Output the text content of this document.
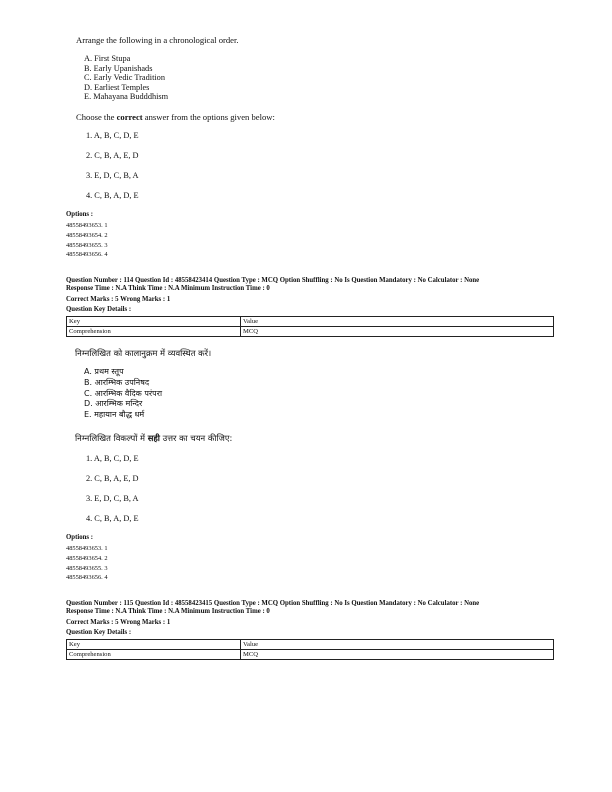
Arrange the following in a chronological order.
A. First Stupa
B. Early Upanishads
C. Early Vedic Tradition
D. Earliest Temples
E. Mahayana Budddhism
Choose the correct answer from the options given below:
1. A, B, C, D, E
2. C, B, A, E, D
3. E, D, C, B, A
4. C, B, A, D, E
Options :
48558493653. 1
48558493654. 2
48558493655. 3
48558493656. 4
Question Number : 114 Question Id : 48558423414 Question Type : MCQ Option Shuffling : No Is Question Mandatory : No Calculator : None
Response Time : N.A Think Time : N.A Minimum Instruction Time : 0
Correct Marks : 5 Wrong Marks : 1
Question Key Details :
Key	Value
Comprehension	MCQ
निम्नलिखित को कालानुक्रम में व्यवस्थित करें।
A. प्रथम स्तूप
B. आरम्भिक उपनिषद
C. आरम्भिक वैदिक परंपरा
D. आरम्भिक मन्दिर
E. महायान बौद्ध धर्म
निम्नलिखित विकल्पों में सही उत्तर का चयन कीजिए:
1. A, B, C, D, E
2. C, B, A, E, D
3. E, D, C, B, A
4. C, B, A, D, E
Options :
48558493653. 1
48558493654. 2
48558493655. 3
48558493656. 4
Question Number : 115 Question Id : 48558423415 Question Type : MCQ Option Shuffling : No Is Question Mandatory : No Calculator : None
Response Time : N.A Think Time : N.A Minimum Instruction Time : 0
Correct Marks : 5 Wrong Marks : 1
Question Key Details :
Key	Value
Comprehension	MCQ
